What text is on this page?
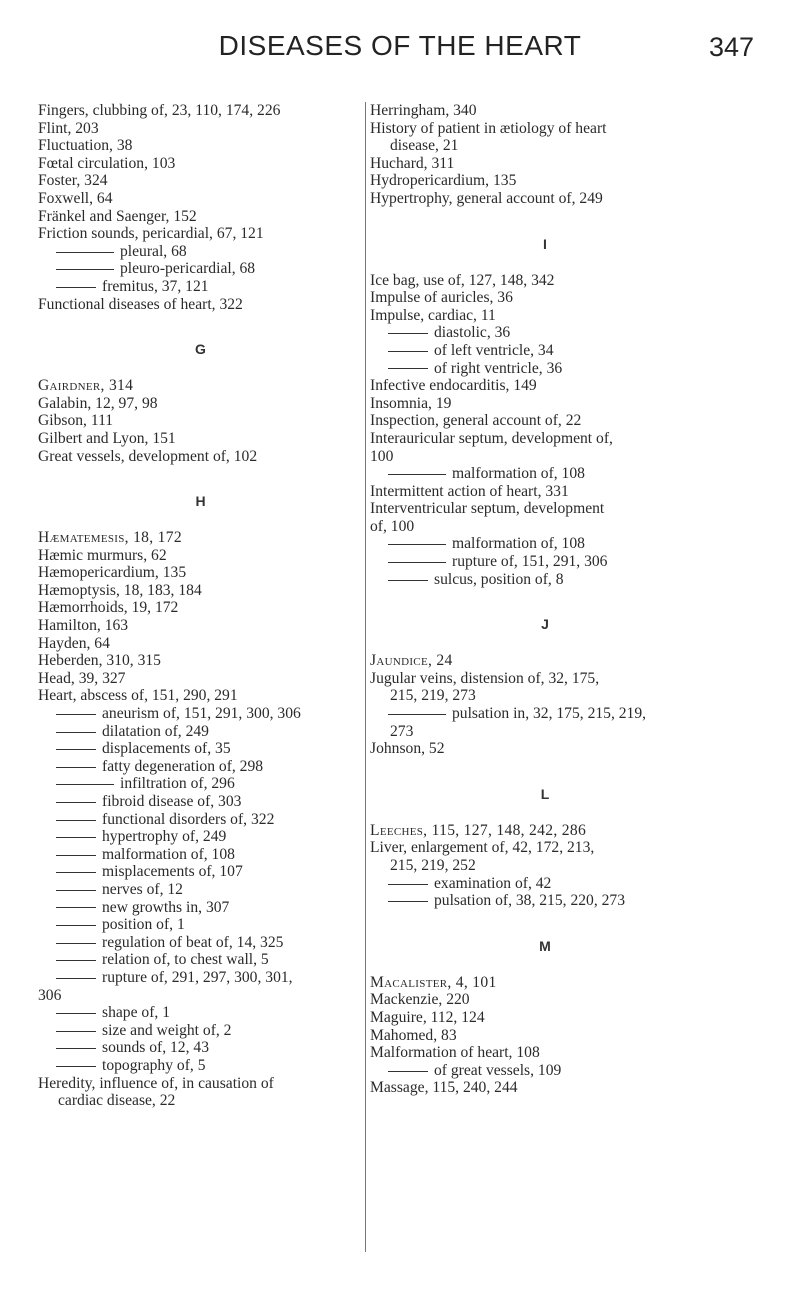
DISEASES OF THE HEART	347
Fingers, clubbing of, 23, 110, 174, 226
Flint, 203
Fluctuation, 38
Fœtal circulation, 103
Foster, 324
Foxwell, 64
Fränkel and Saenger, 152
Friction sounds, pericardial, 67, 121
pleural, 68
pleuro-pericardial, 68
fremitus, 37, 121
Functional diseases of heart, 322
G
Gairdner, 314
Galabin, 12, 97, 98
Gibson, 111
Gilbert and Lyon, 151
Great vessels, development of, 102
H
Hæmatemesis, 18, 172
Hæmic murmurs, 62
Hæmopericardium, 135
Hæmoptysis, 18, 183, 184
Hæmorrhoids, 19, 172
Hamilton, 163
Hayden, 64
Heberden, 310, 315
Head, 39, 327
Heart, abscess of, 151, 290, 291
aneurism of, 151, 291, 300, 306
dilatation of, 249
displacements of, 35
fatty degeneration of, 298
infiltration of, 296
fibroid disease of, 303
functional disorders of, 322
hypertrophy of, 249
malformation of, 108
misplacements of, 107
nerves of, 12
new growths in, 307
position of, 1
regulation of beat of, 14, 325
relation of, to chest wall, 5
rupture of, 291, 297, 300, 301,
306
shape of, 1
size and weight of, 2
sounds of, 12, 43
topography of, 5
Heredity, influence of, in causation of
cardiac disease, 22
Herringham, 340
History of patient in ætiology of heart
disease, 21
Huchard, 311
Hydropericardium, 135
Hypertrophy, general account of, 249
I
Ice bag, use of, 127, 148, 342
Impulse of auricles, 36
Impulse, cardiac, 11
diastolic, 36
of left ventricle, 34
of right ventricle, 36
Infective endocarditis, 149
Insomnia, 19
Inspection, general account of, 22
Interauricular septum, development of,
100
malformation of, 108
Intermittent action of heart, 331
Interventricular septum, development
of, 100
malformation of, 108
rupture of, 151, 291, 306
sulcus, position of, 8
J
Jaundice, 24
Jugular veins, distension of, 32, 175,
215, 219, 273
pulsation in, 32, 175, 215, 219,
273
Johnson, 52
L
Leeches, 115, 127, 148, 242, 286
Liver, enlargement of, 42, 172, 213,
215, 219, 252
examination of, 42
pulsation of, 38, 215, 220, 273
M
Macalister, 4, 101
Mackenzie, 220
Maguire, 112, 124
Mahomed, 83
Malformation of heart, 108
of great vessels, 109
Massage, 115, 240, 244
